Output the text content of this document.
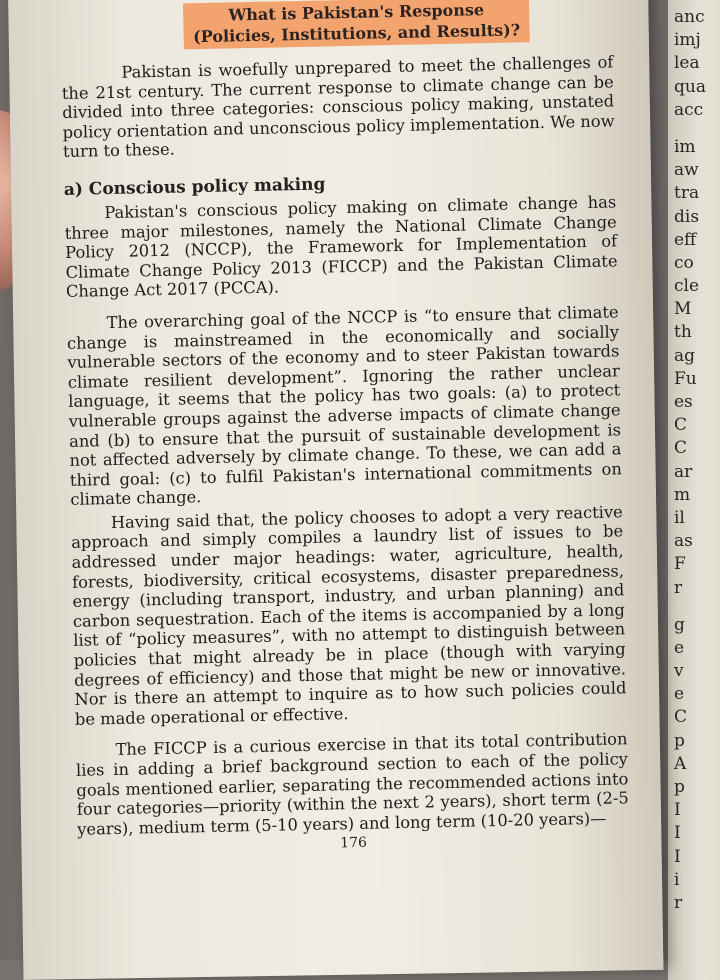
anc
imj
lea
qua
acc
im
aw
tra
dis
eff
co
cle
M
th
ag
Fu
es
C
C
ar
m
il
as
F
r
g
e
v
e
C
p
A
p
I
I
I
i
r
What is Pakistan's Response
(Policies, Institutions, and Results)?

Pakistan is woefully unprepared to meet the challenges of the 21st century. The current response to climate change can be divided into three categories: conscious policy making, unstated policy orientation and unconscious policy implementation. We now turn to these.

a) Conscious policy making

Pakistan's conscious policy making on climate change has three major milestones, namely the National Climate Change Policy 2012 (NCCP), the Framework for Implementation of Climate Change Policy 2013 (FICCP) and the Pakistan Climate Change Act 2017 (PCCA).

The overarching goal of the NCCP is “to ensure that climate change is mainstreamed in the economically and socially vulnerable sectors of the economy and to steer Pakistan towards climate resilient development”. Ignoring the rather unclear language, it seems that the policy has two goals: (a) to protect vulnerable groups against the adverse impacts of climate change and (b) to ensure that the pursuit of sustainable development is not affected adversely by climate change. To these, we can add a third goal: (c) to fulfil Pakistan's international commitments on climate change.

Having said that, the policy chooses to adopt a very reactive approach and simply compiles a laundry list of issues to be addressed under major headings: water, agriculture, health, forests, biodiversity, critical ecosystems, disaster preparedness, energy (including transport, industry, and urban planning) and carbon sequestration. Each of the items is accompanied by a long list of “policy measures”, with no attempt to distinguish between policies that might already be in place (though with varying degrees of efficiency) and those that might be new or innovative. Nor is there an attempt to inquire as to how such policies could be made operational or effective.

The FICCP is a curious exercise in that its total contribution lies in adding a brief background section to each of the policy goals mentioned earlier, separating the recommended actions into four categories—priority (within the next 2 years), short term (2-5 years), medium term (5-10 years) and long term (10-20 years)—

176
